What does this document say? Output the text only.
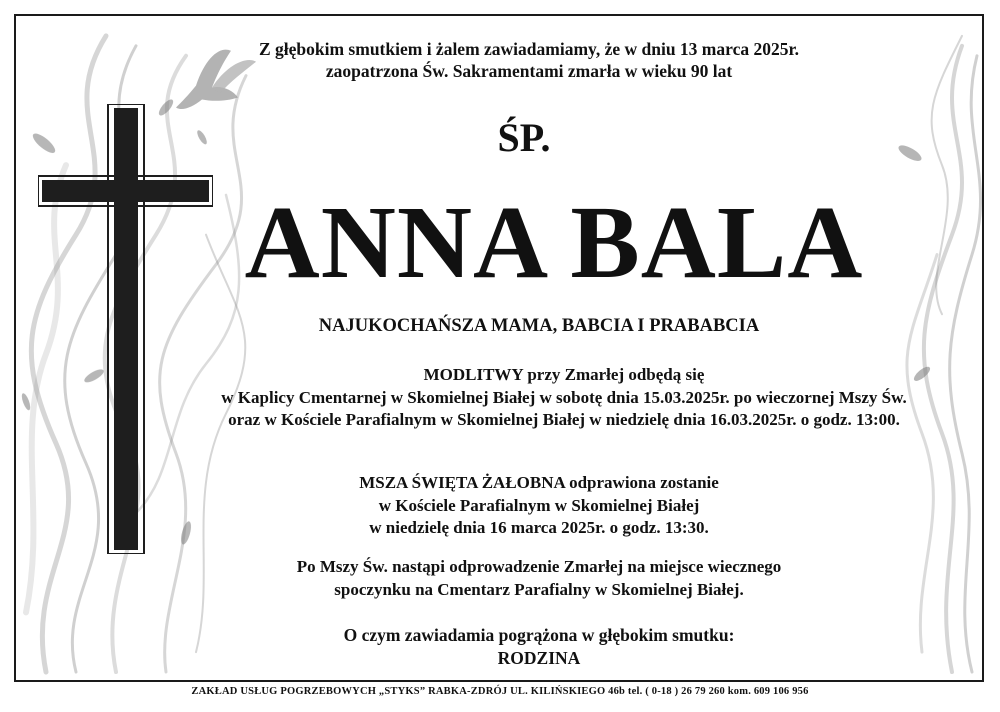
Z głębokim smutkiem i żalem zawiadamiamy, że w dniu 13 marca 2025r.
zaopatrzona Św. Sakramentami zmarła w wieku 90 lat
ŚP.
ANNA BALA
NAJUKOCHAŃSZA MAMA, BABCIA I PRABABCIA
MODLITWY przy Zmarłej odbędą się
w Kaplicy Cmentarnej w Skomielnej Białej w sobotę dnia 15.03.2025r. po wieczornej Mszy Św.
oraz w Kościele Parafialnym w Skomielnej Białej w niedzielę dnia 16.03.2025r. o godz. 13:00.
MSZA ŚWIĘTA ŻAŁOBNA odprawiona zostanie
w Kościele Parafialnym w Skomielnej Białej
w niedzielę dnia 16 marca 2025r. o godz. 13:30.
Po Mszy Św. nastąpi odprowadzenie Zmarłej na miejsce wiecznego
spoczynku na Cmentarz Parafialny w Skomielnej Białej.
O czym zawiadamia pogrążona w głębokim smutku:
RODZINA
ZAKŁAD USŁUG POGRZEBOWYCH „STYKS” RABKA-ZDRÓJ UL. KILIŃSKIEGO 46b tel. ( 0-18 ) 26 79 260 kom. 609 106 956
